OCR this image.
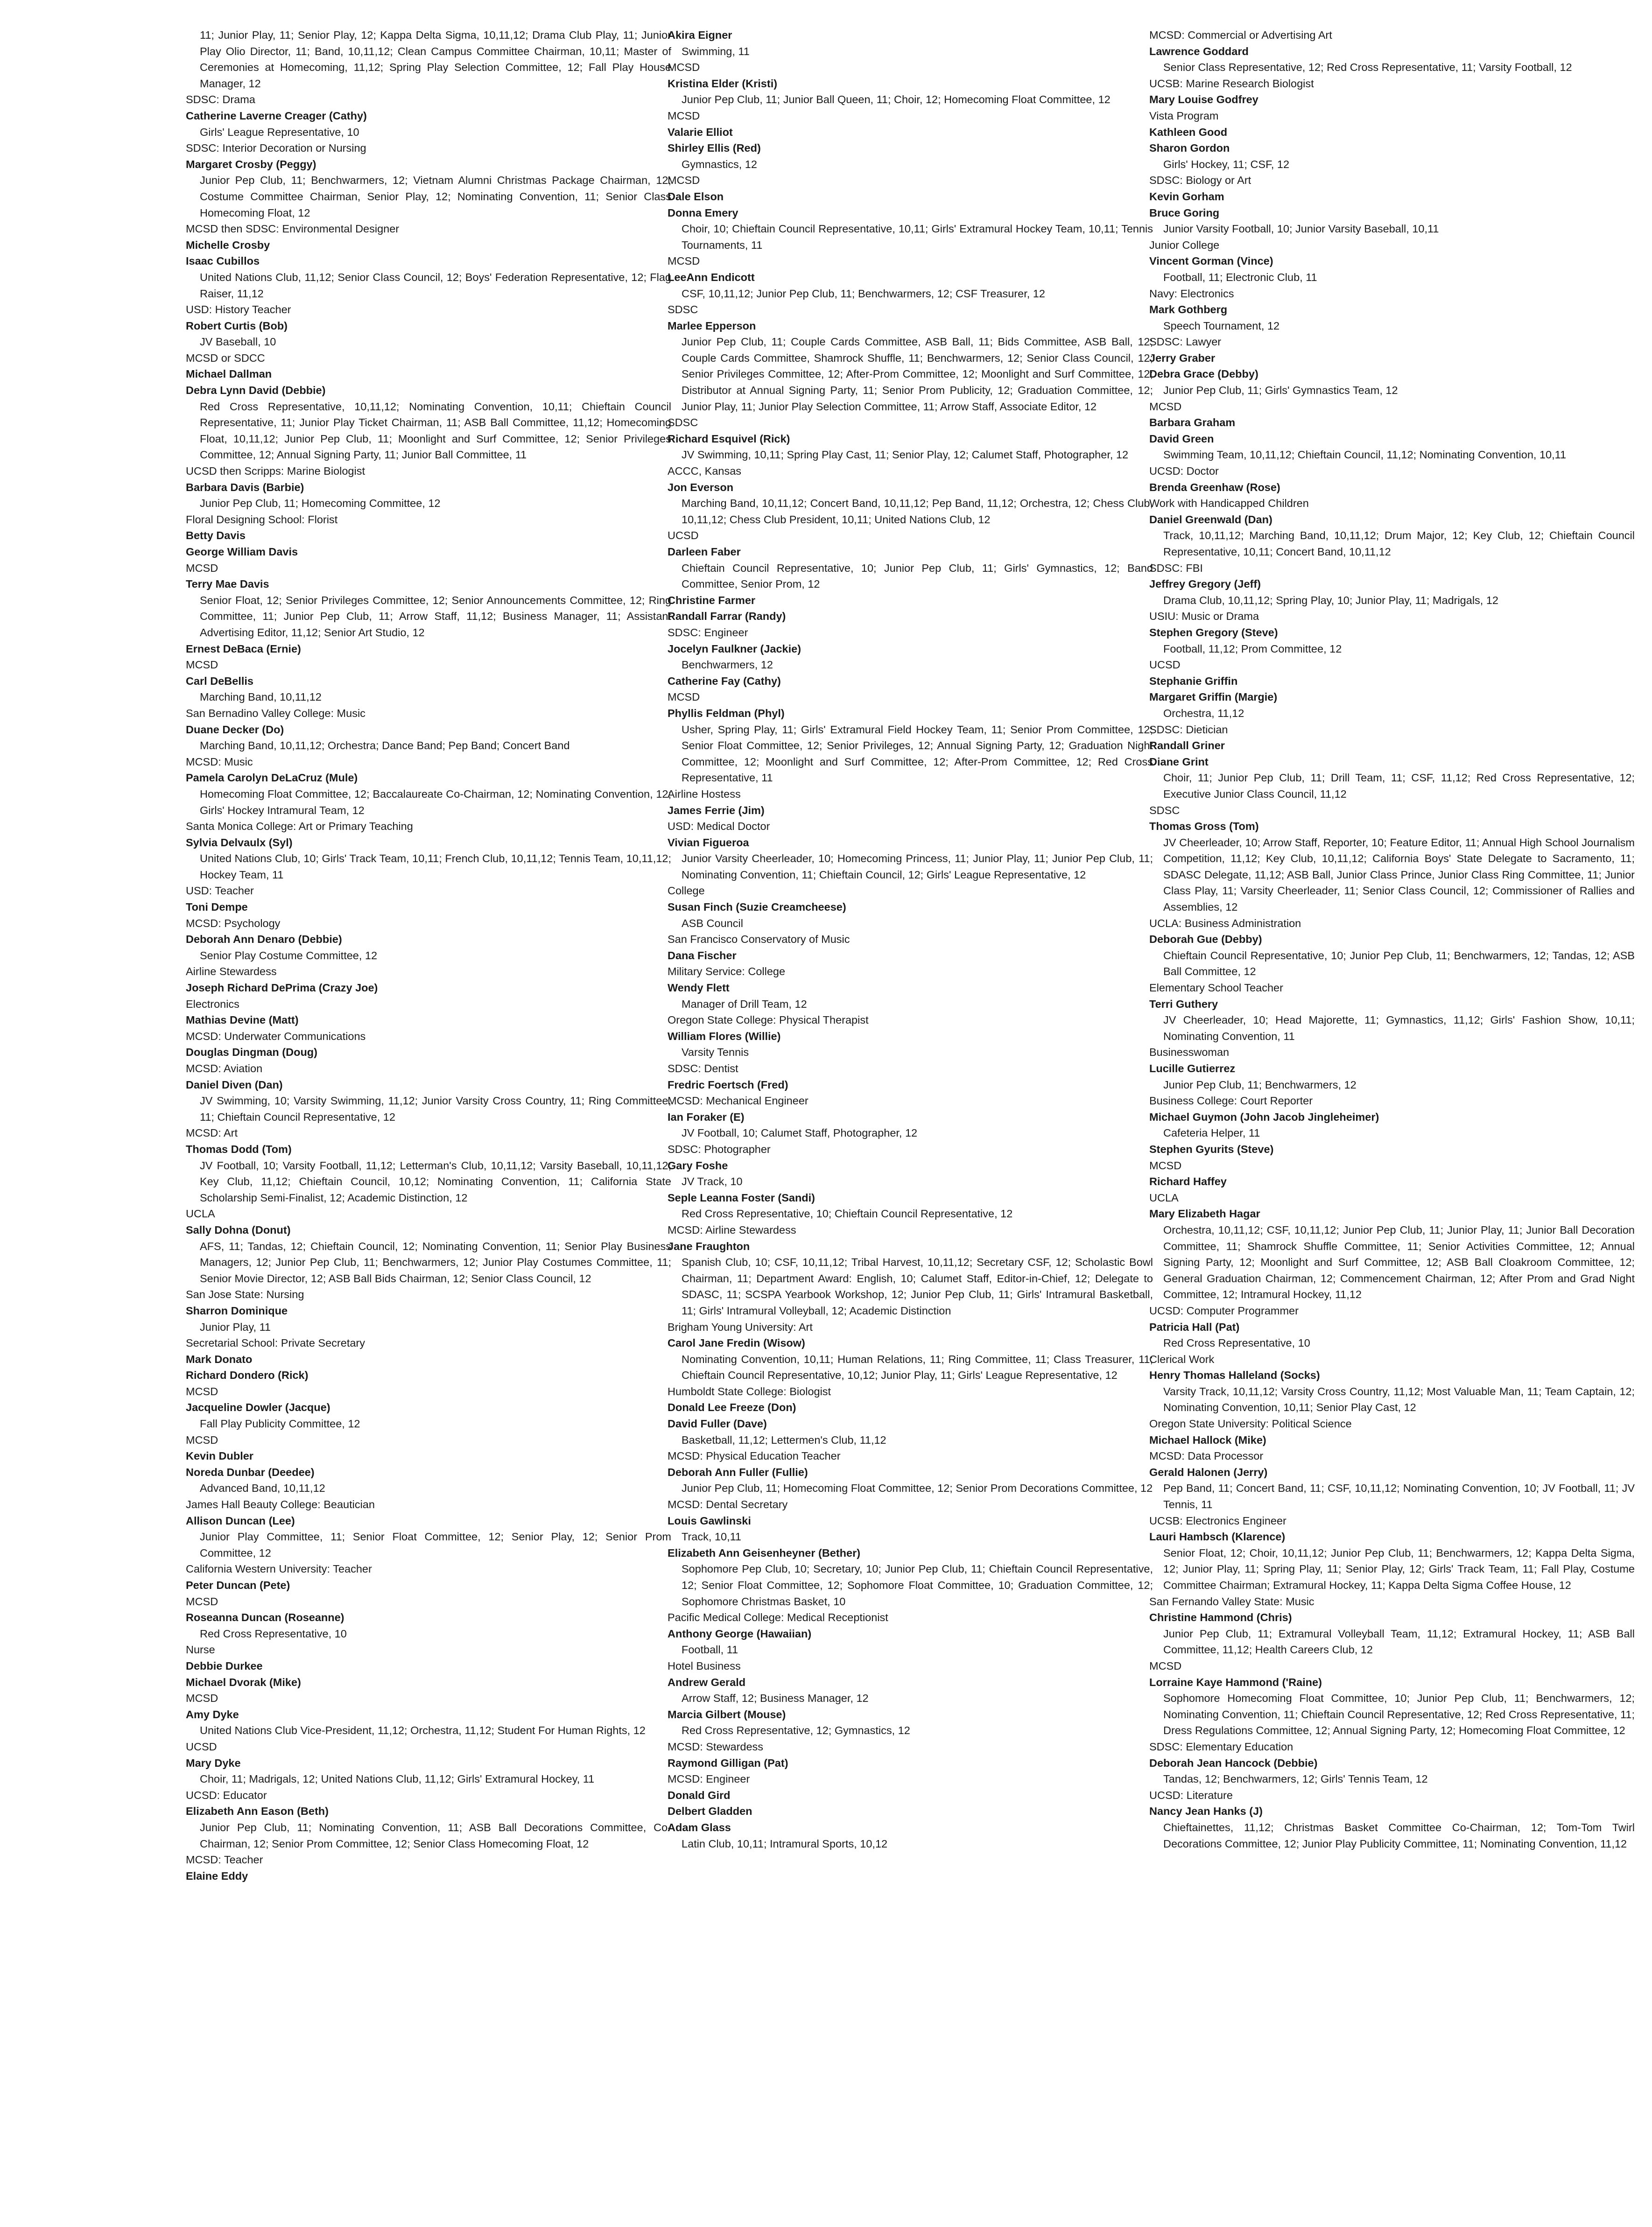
11; Junior Play, 11; Senior Play, 12; Kappa Delta Sigma, 10,11,12; Drama Club Play, 11; Junior Play Olio Director, 11; Band, 10,11,12; Clean Campus Committee Chairman, 10,11; Master of Ceremonies at Homecoming, 11,12; Spring Play Selection Committee, 12; Fall Play House Manager, 12
SDSC: Drama
Catherine Laverne Creager (Cathy)
Girls' League Representative, 10
SDSC: Interior Decoration or Nursing
Margaret Crosby (Peggy)
Junior Pep Club, 11; Benchwarmers, 12; Vietnam Alumni Christmas Package Chairman, 12; Costume Committee Chairman, Senior Play, 12; Nominating Convention, 11; Senior Class Homecoming Float, 12
MCSD then SDSC: Environmental Designer
Michelle Crosby
Isaac Cubillos
United Nations Club, 11,12; Senior Class Council, 12; Boys' Federation Representative, 12; Flag Raiser, 11,12
USD: History Teacher
Robert Curtis (Bob)
JV Baseball, 10
MCSD or SDCC
Michael Dallman
Debra Lynn David (Debbie)
Red Cross Representative, 10,11,12; Nominating Convention, 10,11; Chieftain Council Representative, 11; Junior Play Ticket Chairman, 11; ASB Ball Committee, 11,12; Homecoming Float, 10,11,12; Junior Pep Club, 11; Moonlight and Surf Committee, 12; Senior Privileges Committee, 12; Annual Signing Party, 11; Junior Ball Committee, 11
UCSD then Scripps: Marine Biologist
Barbara Davis (Barbie)
Junior Pep Club, 11; Homecoming Committee, 12
Floral Designing School: Florist
Betty Davis
George William Davis
MCSD
Terry Mae Davis
Senior Float, 12; Senior Privileges Committee, 12; Senior Announcements Committee, 12; Ring Committee, 11; Junior Pep Club, 11; Arrow Staff, 11,12; Business Manager, 11; Assistant Advertising Editor, 11,12; Senior Art Studio, 12
Ernest DeBaca (Ernie)
MCSD
Carl DeBellis
Marching Band, 10,11,12
San Bernadino Valley College: Music
Duane Decker (Do)
Marching Band, 10,11,12; Orchestra; Dance Band; Pep Band; Concert Band
MCSD: Music
Pamela Carolyn DeLaCruz (Mule)
Homecoming Float Committee, 12; Baccalaureate Co-Chairman, 12; Nominating Convention, 12; Girls' Hockey Intramural Team, 12
Santa Monica College: Art or Primary Teaching
Sylvia Delvaulx (Syl)
United Nations Club, 10; Girls' Track Team, 10,11; French Club, 10,11,12; Tennis Team, 10,11,12; Hockey Team, 11
USD: Teacher
Toni Dempe
MCSD: Psychology
Deborah Ann Denaro (Debbie)
Senior Play Costume Committee, 12
Airline Stewardess
Joseph Richard DePrima (Crazy Joe)
Electronics
Mathias Devine (Matt)
MCSD: Underwater Communications
Douglas Dingman (Doug)
MCSD: Aviation
Daniel Diven (Dan)
JV Swimming, 10; Varsity Swimming, 11,12; Junior Varsity Cross Country, 11; Ring Committee, 11; Chieftain Council Representative, 12
MCSD: Art
Thomas Dodd (Tom)
JV Football, 10; Varsity Football, 11,12; Letterman's Club, 10,11,12; Varsity Baseball, 10,11,12; Key Club, 11,12; Chieftain Council, 10,12; Nominating Convention, 11; California State Scholarship Semi-Finalist, 12; Academic Distinction, 12
UCLA
Sally Dohna (Donut)
AFS, 11; Tandas, 12; Chieftain Council, 12; Nominating Convention, 11; Senior Play Business Managers, 12; Junior Pep Club, 11; Benchwarmers, 12; Junior Play Costumes Committee, 11; Senior Movie Director, 12; ASB Ball Bids Chairman, 12; Senior Class Council, 12
San Jose State: Nursing
Sharron Dominique
Junior Play, 11
Secretarial School: Private Secretary
Mark Donato
Richard Dondero (Rick)
MCSD
Jacqueline Dowler (Jacque)
Fall Play Publicity Committee, 12
MCSD
Kevin Dubler
Noreda Dunbar (Deedee)
Advanced Band, 10,11,12
James Hall Beauty College: Beautician
Allison Duncan (Lee)
Junior Play Committee, 11; Senior Float Committee, 12; Senior Play, 12; Senior Prom Committee, 12
California Western University: Teacher
Peter Duncan (Pete)
MCSD
Roseanna Duncan (Roseanne)
Red Cross Representative, 10
Nurse
Debbie Durkee
Michael Dvorak (Mike)
MCSD
Amy Dyke
United Nations Club Vice-President, 11,12; Orchestra, 11,12; Student For Human Rights, 12
UCSD
Mary Dyke
Choir, 11; Madrigals, 12; United Nations Club, 11,12; Girls' Extramural Hockey, 11
UCSD: Educator
Elizabeth Ann Eason (Beth)
Junior Pep Club, 11; Nominating Convention, 11; ASB Ball Decorations Committee, Co-Chairman, 12; Senior Prom Committee, 12; Senior Class Homecoming Float, 12
MCSD: Teacher
Elaine Eddy
Akira Eigner
Swimming, 11
MCSD
Kristina Elder (Kristi)
Junior Pep Club, 11; Junior Ball Queen, 11; Choir, 12; Homecoming Float Committee, 12
MCSD
Valarie Elliot
Shirley Ellis (Red)
Gymnastics, 12
MCSD
Dale Elson
Donna Emery
Choir, 10; Chieftain Council Representative, 10,11; Girls' Extramural Hockey Team, 10,11; Tennis Tournaments, 11
MCSD
LeeAnn Endicott
CSF, 10,11,12; Junior Pep Club, 11; Benchwarmers, 12; CSF Treasurer, 12
SDSC
Marlee Epperson
Junior Pep Club, 11; Couple Cards Committee, ASB Ball, 11; Bids Committee, ASB Ball, 12; Couple Cards Committee, Shamrock Shuffle, 11; Benchwarmers, 12; Senior Class Council, 12; Senior Privileges Committee, 12; After-Prom Committee, 12; Moonlight and Surf Committee, 12; Distributor at Annual Signing Party, 11; Senior Prom Publicity, 12; Graduation Committee, 12; Junior Play, 11; Junior Play Selection Committee, 11; Arrow Staff, Associate Editor, 12
SDSC
Richard Esquivel (Rick)
JV Swimming, 10,11; Spring Play Cast, 11; Senior Play, 12; Calumet Staff, Photographer, 12
ACCC, Kansas
Jon Everson
Marching Band, 10,11,12; Concert Band, 10,11,12; Pep Band, 11,12; Orchestra, 12; Chess Club, 10,11,12; Chess Club President, 10,11; United Nations Club, 12
UCSD
Darleen Faber
Chieftain Council Representative, 10; Junior Pep Club, 11; Girls' Gymnastics, 12; Band Committee, Senior Prom, 12
Christine Farmer
Randall Farrar (Randy)
SDSC: Engineer
Jocelyn Faulkner (Jackie)
Benchwarmers, 12
Catherine Fay (Cathy)
MCSD
Phyllis Feldman (Phyl)
Usher, Spring Play, 11; Girls' Extramural Field Hockey Team, 11; Senior Prom Committee, 12; Senior Float Committee, 12; Senior Privileges, 12; Annual Signing Party, 12; Graduation Night Committee, 12; Moonlight and Surf Committee, 12; After-Prom Committee, 12; Red Cross Representative, 11
Airline Hostess
James Ferrie (Jim)
USD: Medical Doctor
Vivian Figueroa
Junior Varsity Cheerleader, 10; Homecoming Princess, 11; Junior Play, 11; Junior Pep Club, 11; Nominating Convention, 11; Chieftain Council, 12; Girls' League Representative, 12
College
Susan Finch (Suzie Creamcheese)
ASB Council
San Francisco Conservatory of Music
Dana Fischer
Military Service: College
Wendy Flett
Manager of Drill Team, 12
Oregon State College: Physical Therapist
William Flores (Willie)
Varsity Tennis
SDSC: Dentist
Fredric Foertsch (Fred)
MCSD: Mechanical Engineer
Ian Foraker (E)
JV Football, 10; Calumet Staff, Photographer, 12
SDSC: Photographer
Gary Foshe
JV Track, 10
Seple Leanna Foster (Sandi)
Red Cross Representative, 10; Chieftain Council Representative, 12
MCSD: Airline Stewardess
Jane Fraughton
Spanish Club, 10; CSF, 10,11,12; Tribal Harvest, 10,11,12; Secretary CSF, 12; Scholastic Bowl Chairman, 11; Department Award: English, 10; Calumet Staff, Editor-in-Chief, 12; Delegate to SDASC, 11; SCSPA Yearbook Workshop, 12; Junior Pep Club, 11; Girls' Intramural Basketball, 11; Girls' Intramural Volleyball, 12; Academic Distinction
Brigham Young University: Art
Carol Jane Fredin (Wisow)
Nominating Convention, 10,11; Human Relations, 11; Ring Committee, 11; Class Treasurer, 11; Chieftain Council Representative, 10,12; Junior Play, 11; Girls' League Representative, 12
Humboldt State College: Biologist
Donald Lee Freeze (Don)
David Fuller (Dave)
Basketball, 11,12; Lettermen's Club, 11,12
MCSD: Physical Education Teacher
Deborah Ann Fuller (Fullie)
Junior Pep Club, 11; Homecoming Float Committee, 12; Senior Prom Decorations Committee, 12
MCSD: Dental Secretary
Louis Gawlinski
Track, 10,11
Elizabeth Ann Geisenheyner (Bether)
Sophomore Pep Club, 10; Secretary, 10; Junior Pep Club, 11; Chieftain Council Representative, 12; Senior Float Committee, 12; Sophomore Float Committee, 10; Graduation Committee, 12; Sophomore Christmas Basket, 10
Pacific Medical College: Medical Receptionist
Anthony George (Hawaiian)
Football, 11
Hotel Business
Andrew Gerald
Arrow Staff, 12; Business Manager, 12
Marcia Gilbert (Mouse)
Red Cross Representative, 12; Gymnastics, 12
MCSD: Stewardess
Raymond Gilligan (Pat)
MCSD: Engineer
Donald Gird
Delbert Gladden
Adam Glass
Latin Club, 10,11; Intramural Sports, 10,12
MCSD: Commercial or Advertising Art
Lawrence Goddard
Senior Class Representative, 12; Red Cross Representative, 11; Varsity Football, 12
UCSB: Marine Research Biologist
Mary Louise Godfrey
Vista Program
Kathleen Good
Sharon Gordon
Girls' Hockey, 11; CSF, 12
SDSC: Biology or Art
Kevin Gorham
Bruce Goring
Junior Varsity Football, 10; Junior Varsity Baseball, 10,11
Junior College
Vincent Gorman (Vince)
Football, 11; Electronic Club, 11
Navy: Electronics
Mark Gothberg
Speech Tournament, 12
SDSC: Lawyer
Jerry Graber
Debra Grace (Debby)
Junior Pep Club, 11; Girls' Gymnastics Team, 12
MCSD
Barbara Graham
David Green
Swimming Team, 10,11,12; Chieftain Council, 11,12; Nominating Convention, 10,11
UCSD: Doctor
Brenda Greenhaw (Rose)
Work with Handicapped Children
Daniel Greenwald (Dan)
Track, 10,11,12; Marching Band, 10,11,12; Drum Major, 12; Key Club, 12; Chieftain Council Representative, 10,11; Concert Band, 10,11,12
SDSC: FBI
Jeffrey Gregory (Jeff)
Drama Club, 10,11,12; Spring Play, 10; Junior Play, 11; Madrigals, 12
USIU: Music or Drama
Stephen Gregory (Steve)
Football, 11,12; Prom Committee, 12
UCSD
Stephanie Griffin
Margaret Griffin (Margie)
Orchestra, 11,12
SDSC: Dietician
Randall Griner
Diane Grint
Choir, 11; Junior Pep Club, 11; Drill Team, 11; CSF, 11,12; Red Cross Representative, 12; Executive Junior Class Council, 11,12
SDSC
Thomas Gross (Tom)
JV Cheerleader, 10; Arrow Staff, Reporter, 10; Feature Editor, 11; Annual High School Journalism Competition, 11,12; Key Club, 10,11,12; California Boys' State Delegate to Sacramento, 11; SDASC Delegate, 11,12; ASB Ball, Junior Class Prince, Junior Class Ring Committee, 11; Junior Class Play, 11; Varsity Cheerleader, 11; Senior Class Council, 12; Commissioner of Rallies and Assemblies, 12
UCLA: Business Administration
Deborah Gue (Debby)
Chieftain Council Representative, 10; Junior Pep Club, 11; Benchwarmers, 12; Tandas, 12; ASB Ball Committee, 12
Elementary School Teacher
Terri Guthery
JV Cheerleader, 10; Head Majorette, 11; Gymnastics, 11,12; Girls' Fashion Show, 10,11; Nominating Convention, 11
Businesswoman
Lucille Gutierrez
Junior Pep Club, 11; Benchwarmers, 12
Business College: Court Reporter
Michael Guymon (John Jacob Jingleheimer)
Cafeteria Helper, 11
Stephen Gyurits (Steve)
MCSD
Richard Haffey
UCLA
Mary Elizabeth Hagar
Orchestra, 10,11,12; CSF, 10,11,12; Junior Pep Club, 11; Junior Play, 11; Junior Ball Decoration Committee, 11; Shamrock Shuffle Committee, 11; Senior Activities Committee, 12; Annual Signing Party, 12; Moonlight and Surf Committee, 12; ASB Ball Cloakroom Committee, 12; General Graduation Chairman, 12; Commencement Chairman, 12; After Prom and Grad Night Committee, 12; Intramural Hockey, 11,12
UCSD: Computer Programmer
Patricia Hall (Pat)
Red Cross Representative, 10
Clerical Work
Henry Thomas Halleland (Socks)
Varsity Track, 10,11,12; Varsity Cross Country, 11,12; Most Valuable Man, 11; Team Captain, 12; Nominating Convention, 10,11; Senior Play Cast, 12
Oregon State University: Political Science
Michael Hallock (Mike)
MCSD: Data Processor
Gerald Halonen (Jerry)
Pep Band, 11; Concert Band, 11; CSF, 10,11,12; Nominating Convention, 10; JV Football, 11; JV Tennis, 11
UCSB: Electronics Engineer
Lauri Hambsch (Klarence)
Senior Float, 12; Choir, 10,11,12; Junior Pep Club, 11; Benchwarmers, 12; Kappa Delta Sigma, 12; Junior Play, 11; Spring Play, 11; Senior Play, 12; Girls' Track Team, 11; Fall Play, Costume Committee Chairman; Extramural Hockey, 11; Kappa Delta Sigma Coffee House, 12
San Fernando Valley State: Music
Christine Hammond (Chris)
Junior Pep Club, 11; Extramural Volleyball Team, 11,12; Extramural Hockey, 11; ASB Ball Committee, 11,12; Health Careers Club, 12
MCSD
Lorraine Kaye Hammond ('Raine)
Sophomore Homecoming Float Committee, 10; Junior Pep Club, 11; Benchwarmers, 12; Nominating Convention, 11; Chieftain Council Representative, 12; Red Cross Representative, 11; Dress Regulations Committee, 12; Annual Signing Party, 12; Homecoming Float Committee, 12
SDSC: Elementary Education
Deborah Jean Hancock (Debbie)
Tandas, 12; Benchwarmers, 12; Girls' Tennis Team, 12
UCSD: Literature
Nancy Jean Hanks (J)
Chieftainettes, 11,12; Christmas Basket Committee Co-Chairman, 12; Tom-Tom Twirl Decorations Committee, 12; Junior Play Publicity Committee, 11; Nominating Convention, 11,12
